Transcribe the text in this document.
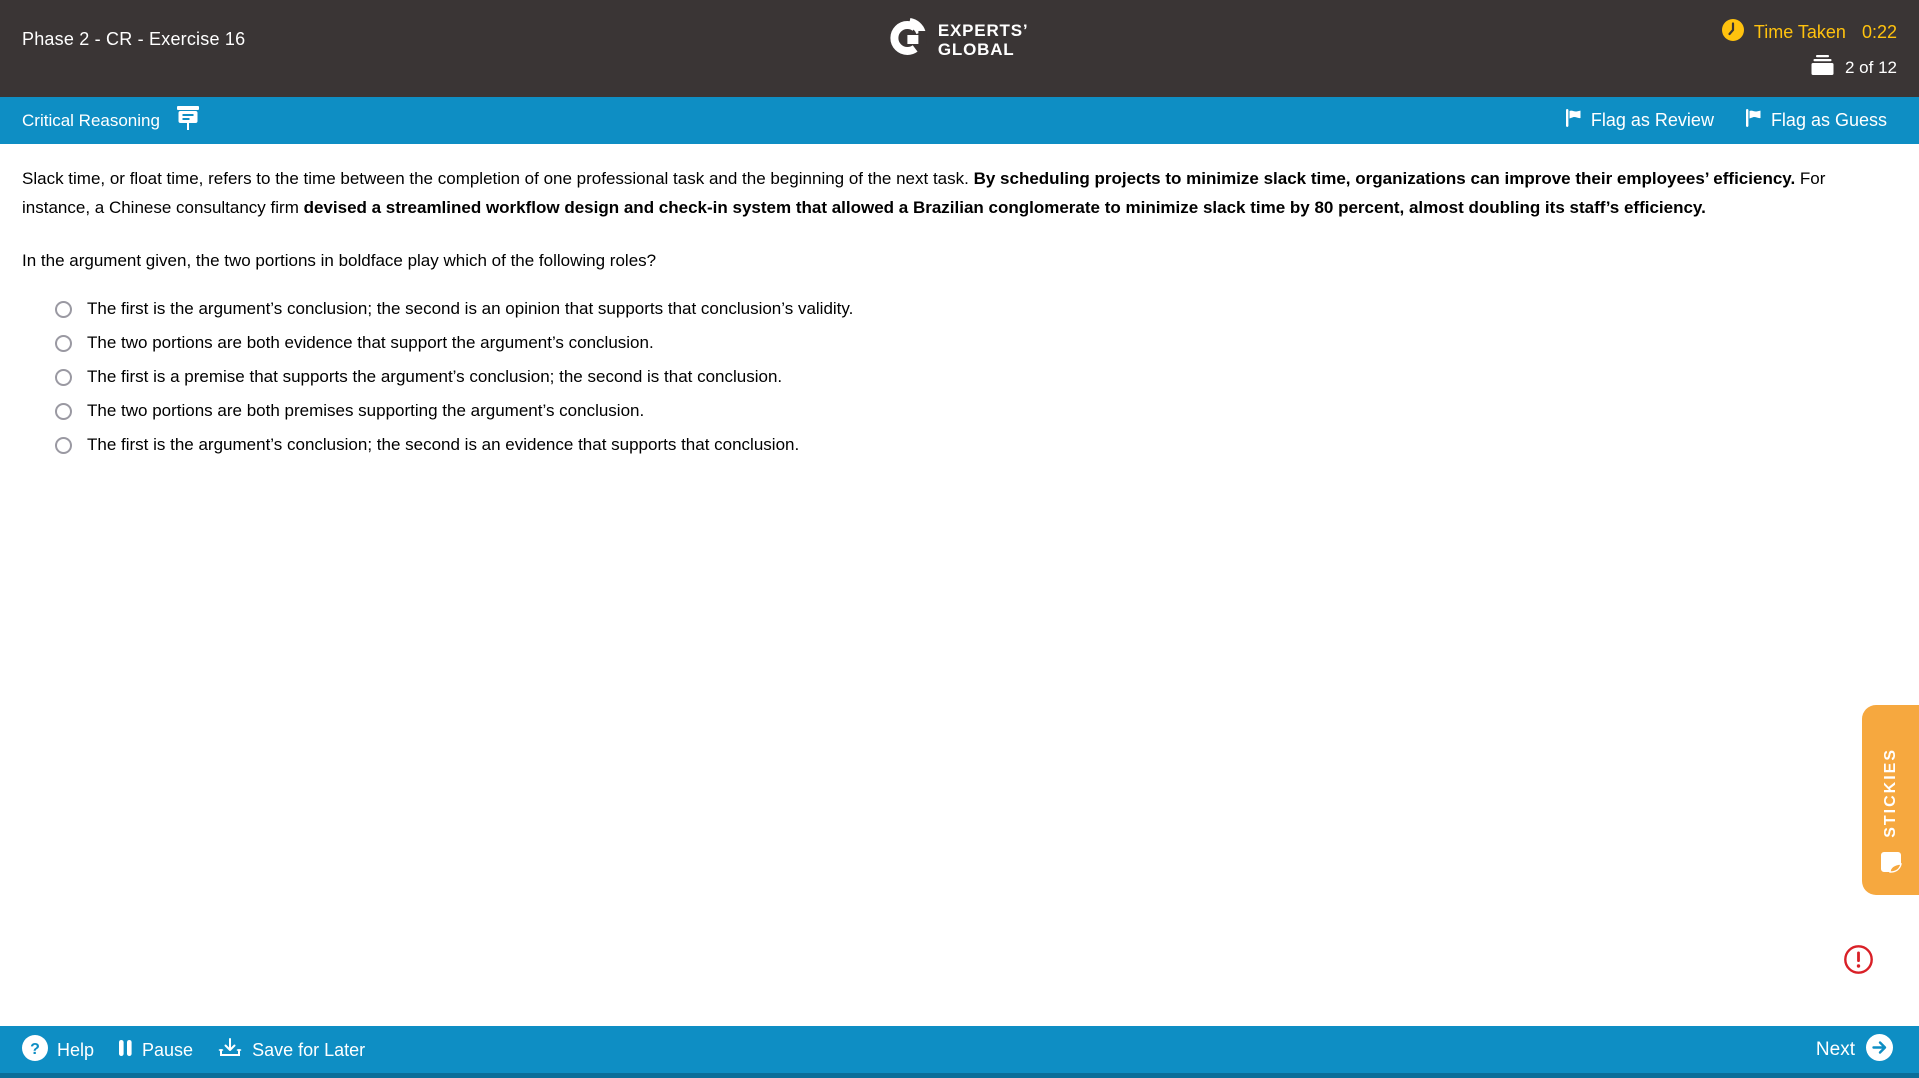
Phase 2 - CR - Exercise 16	EXPERTS’
GLOBAL
Time Taken 0:22
2 of 12
Critical Reasoning	Flag as Review	Flag as Guess
Slack time, or float time, refers to the time between the completion of one professional task and the beginning of the next task. By scheduling projects to minimize slack time, organizations can improve their employees’ efficiency. For instance, a Chinese consultancy firm devised a streamlined workflow design and check-in system that allowed a Brazilian conglomerate to minimize slack time by 80 percent, almost doubling its staff’s efficiency.
In the argument given, the two portions in boldface play which of the following roles?
The first is the argument’s conclusion; the second is an opinion that supports that conclusion’s validity.
The two portions are both evidence that support the argument’s conclusion.
The first is a premise that supports the argument’s conclusion; the second is that conclusion.
The two portions are both premises supporting the argument’s conclusion.
The first is the argument’s conclusion; the second is an evidence that supports that conclusion.
STICKIES
? Help	Pause	Save for Later	Next
